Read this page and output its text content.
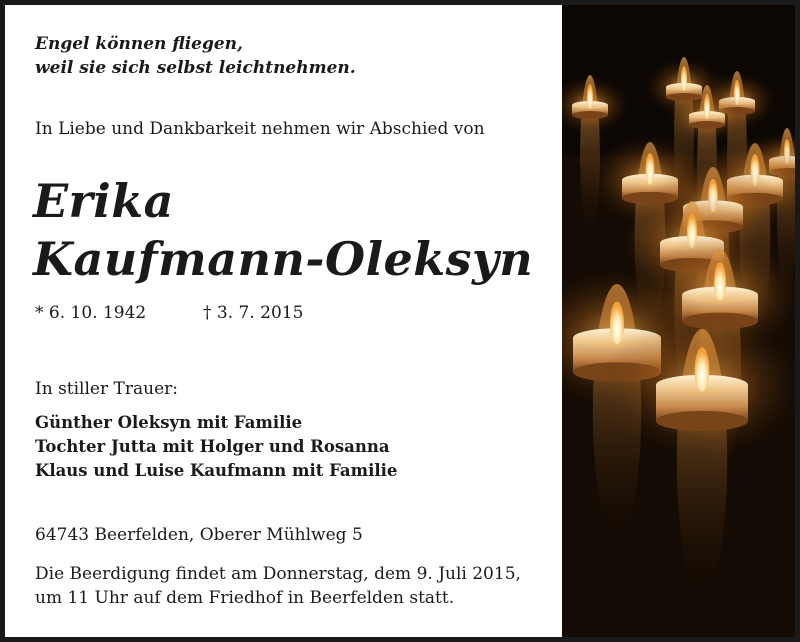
Engel können fliegen,
weil sie sich selbst leichtnehmen.

In Liebe und Dankbarkeit nehmen wir Abschied von

Erika
Kaufmann-Oleksyn

* 6. 10. 1942	† 3. 7. 2015

In stiller Trauer:

Günther Oleksyn mit Familie
Tochter Jutta mit Holger und Rosanna
Klaus und Luise Kaufmann mit Familie

64743 Beerfelden, Oberer Mühlweg 5

Die Beerdigung findet am Donnerstag, dem 9. Juli 2015,
um 11 Uhr auf dem Friedhof in Beerfelden statt.
